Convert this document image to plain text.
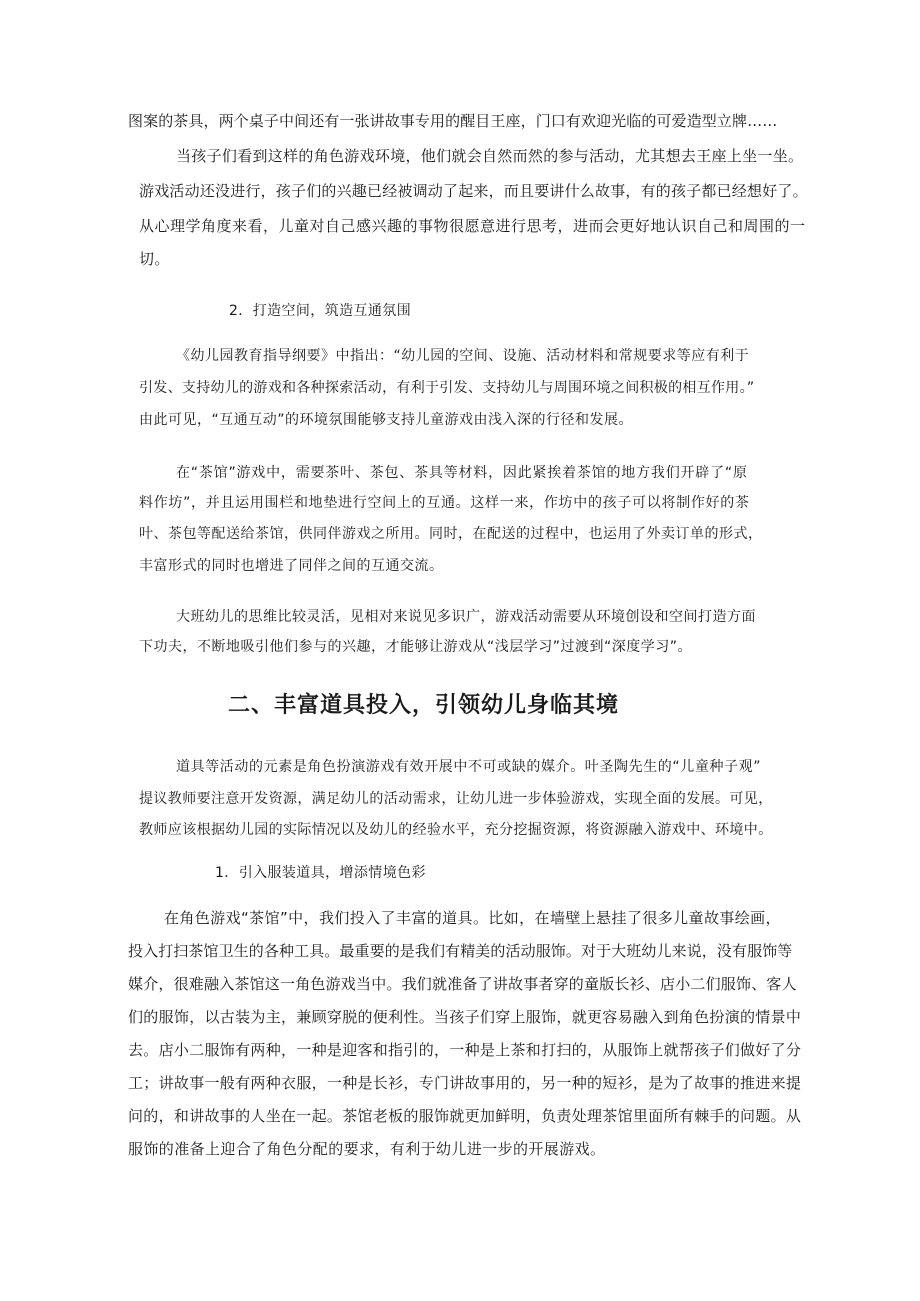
图案的茶具，两个桌子中间还有一张讲故事专用的醒目王座，门口有欢迎光临的可爱造型立牌……
当孩子们看到这样的角色游戏环境，他们就会自然而然的参与活动，尤其想去王座上坐一坐。
游戏活动还没进行，孩子们的兴趣已经被调动了起来，而且要讲什么故事，有的孩子都已经想好了。
从心理学角度来看，儿童对自己感兴趣的事物很愿意进行思考，进而会更好地认识自己和周围的一
切。
2．打造空间，筑造互通氛围
《幼儿园教育指导纲要》中指出：“幼儿园的空间、设施、活动材料和常规要求等应有利于
引发、支持幼儿的游戏和各种探索活动，有利于引发、支持幼儿与周围环境之间积极的相互作用。”
由此可见，“互通互动”的环境氛围能够支持儿童游戏由浅入深的行径和发展。
在“茶馆”游戏中，需要茶叶、茶包、茶具等材料，因此紧挨着茶馆的地方我们开辟了“原
料作坊”，并且运用围栏和地垫进行空间上的互通。这样一来，作坊中的孩子可以将制作好的茶
叶、茶包等配送给茶馆，供同伴游戏之所用。同时，在配送的过程中，也运用了外卖订单的形式，
丰富形式的同时也增进了同伴之间的互通交流。
大班幼儿的思维比较灵活，见相对来说见多识广，游戏活动需要从环境创设和空间打造方面
下功夫，不断地吸引他们参与的兴趣，才能够让游戏从“浅层学习”过渡到“深度学习”。
二、丰富道具投入，引领幼儿身临其境
道具等活动的元素是角色扮演游戏有效开展中不可或缺的媒介。叶圣陶先生的“儿童种子观”
提议教师要注意开发资源，满足幼儿的活动需求，让幼儿进一步体验游戏，实现全面的发展。可见，
教师应该根据幼儿园的实际情况以及幼儿的经验水平，充分挖掘资源，将资源融入游戏中、环境中。
1．引入服装道具，增添情境色彩
在角色游戏“茶馆”中，我们投入了丰富的道具。比如，在墙壁上悬挂了很多儿童故事绘画，
投入打扫茶馆卫生的各种工具。最重要的是我们有精美的活动服饰。对于大班幼儿来说，没有服饰等
媒介，很难融入茶馆这一角色游戏当中。我们就准备了讲故事者穿的童版长衫、店小二们服饰、客人
们的服饰，以古装为主，兼顾穿脱的便利性。当孩子们穿上服饰，就更容易融入到角色扮演的情景中
去。店小二服饰有两种，一种是迎客和指引的，一种是上茶和打扫的，从服饰上就帮孩子们做好了分
工；讲故事一般有两种衣服，一种是长衫，专门讲故事用的，另一种的短衫，是为了故事的推进来提
问的，和讲故事的人坐在一起。茶馆老板的服饰就更加鲜明，负责处理茶馆里面所有棘手的问题。从
服饰的准备上迎合了角色分配的要求，有利于幼儿进一步的开展游戏。
